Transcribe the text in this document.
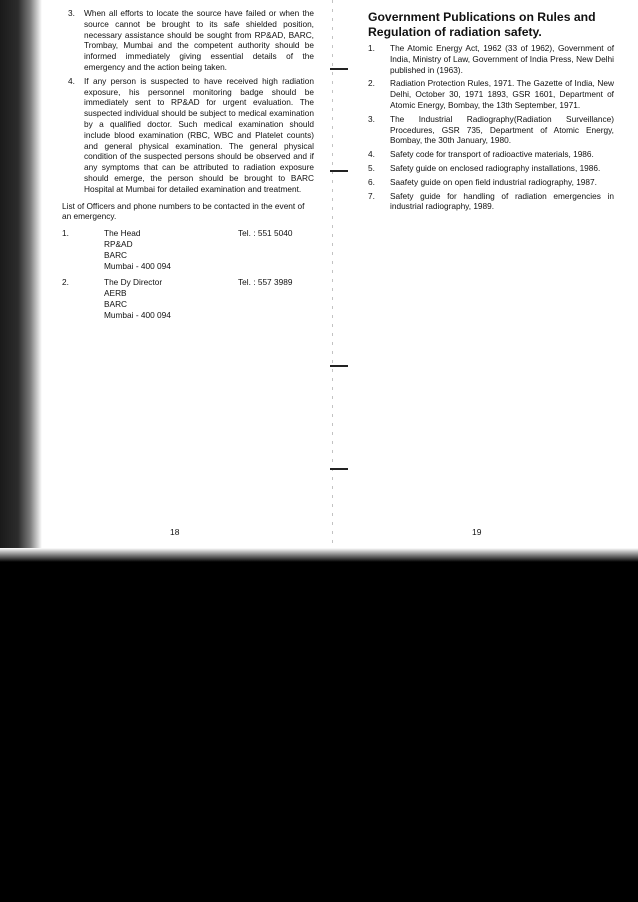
3.	When all efforts to locate the source have failed or when the source cannot be brought to its safe shielded position, necessary assistance should be sought from RP&AD, BARC, Trombay, Mumbai and the competent authority should be informed immediately giving essential details of the emergency and the action being taken.
4.	If any person is suspected to have received high radiation exposure, his personnel monitoring badge should be immediately sent to RP&AD for urgent evaluation. The suspected individual should be subject to medical examination by a qualified doctor. Such medical examination should include blood examination (RBC, WBC and Platelet counts) and general physical examination. The general physical condition of the suspected persons should be observed and if any symptoms that can be attributed to radiation exposure should emerge, the person should be brought to BARC Hospital at Mumbai for detailed examination and treatment.
List of Officers and phone numbers to be contacted in the event of an emergency.
1.	The Head
RP&AD
BARC
Mumbai - 400 094
Tel. : 551 5040
2.	The Dy Director
AERB
BARC
Mumbai - 400 094
Tel. : 557 3989
18
Government Publications on Rules and Regulation of radiation safety.
1.	The Atomic Energy Act, 1962 (33 of 1962), Government of India, Ministry of Law, Government of India Press, New Delhi published in (1963).
2.	Radiation Protection Rules, 1971. The Gazette of India, New Delhi, October 30, 1971 1893, GSR 1601, Department of Atomic Energy, Bombay, the 13th September, 1971.
3.	The Industrial Radiography(Radiation Surveillance) Procedures, GSR 735, Department of Atomic Energy, Bombay, the 30th January, 1980.
4.	Safety code for transport of radioactive materials, 1986.
5.	Safety guide on enclosed radiography installations, 1986.
6.	Saafety guide on open field industrial radiography, 1987.
7.	Safety guide for handling of radiation emergencies in industrial radiography, 1989.
19
